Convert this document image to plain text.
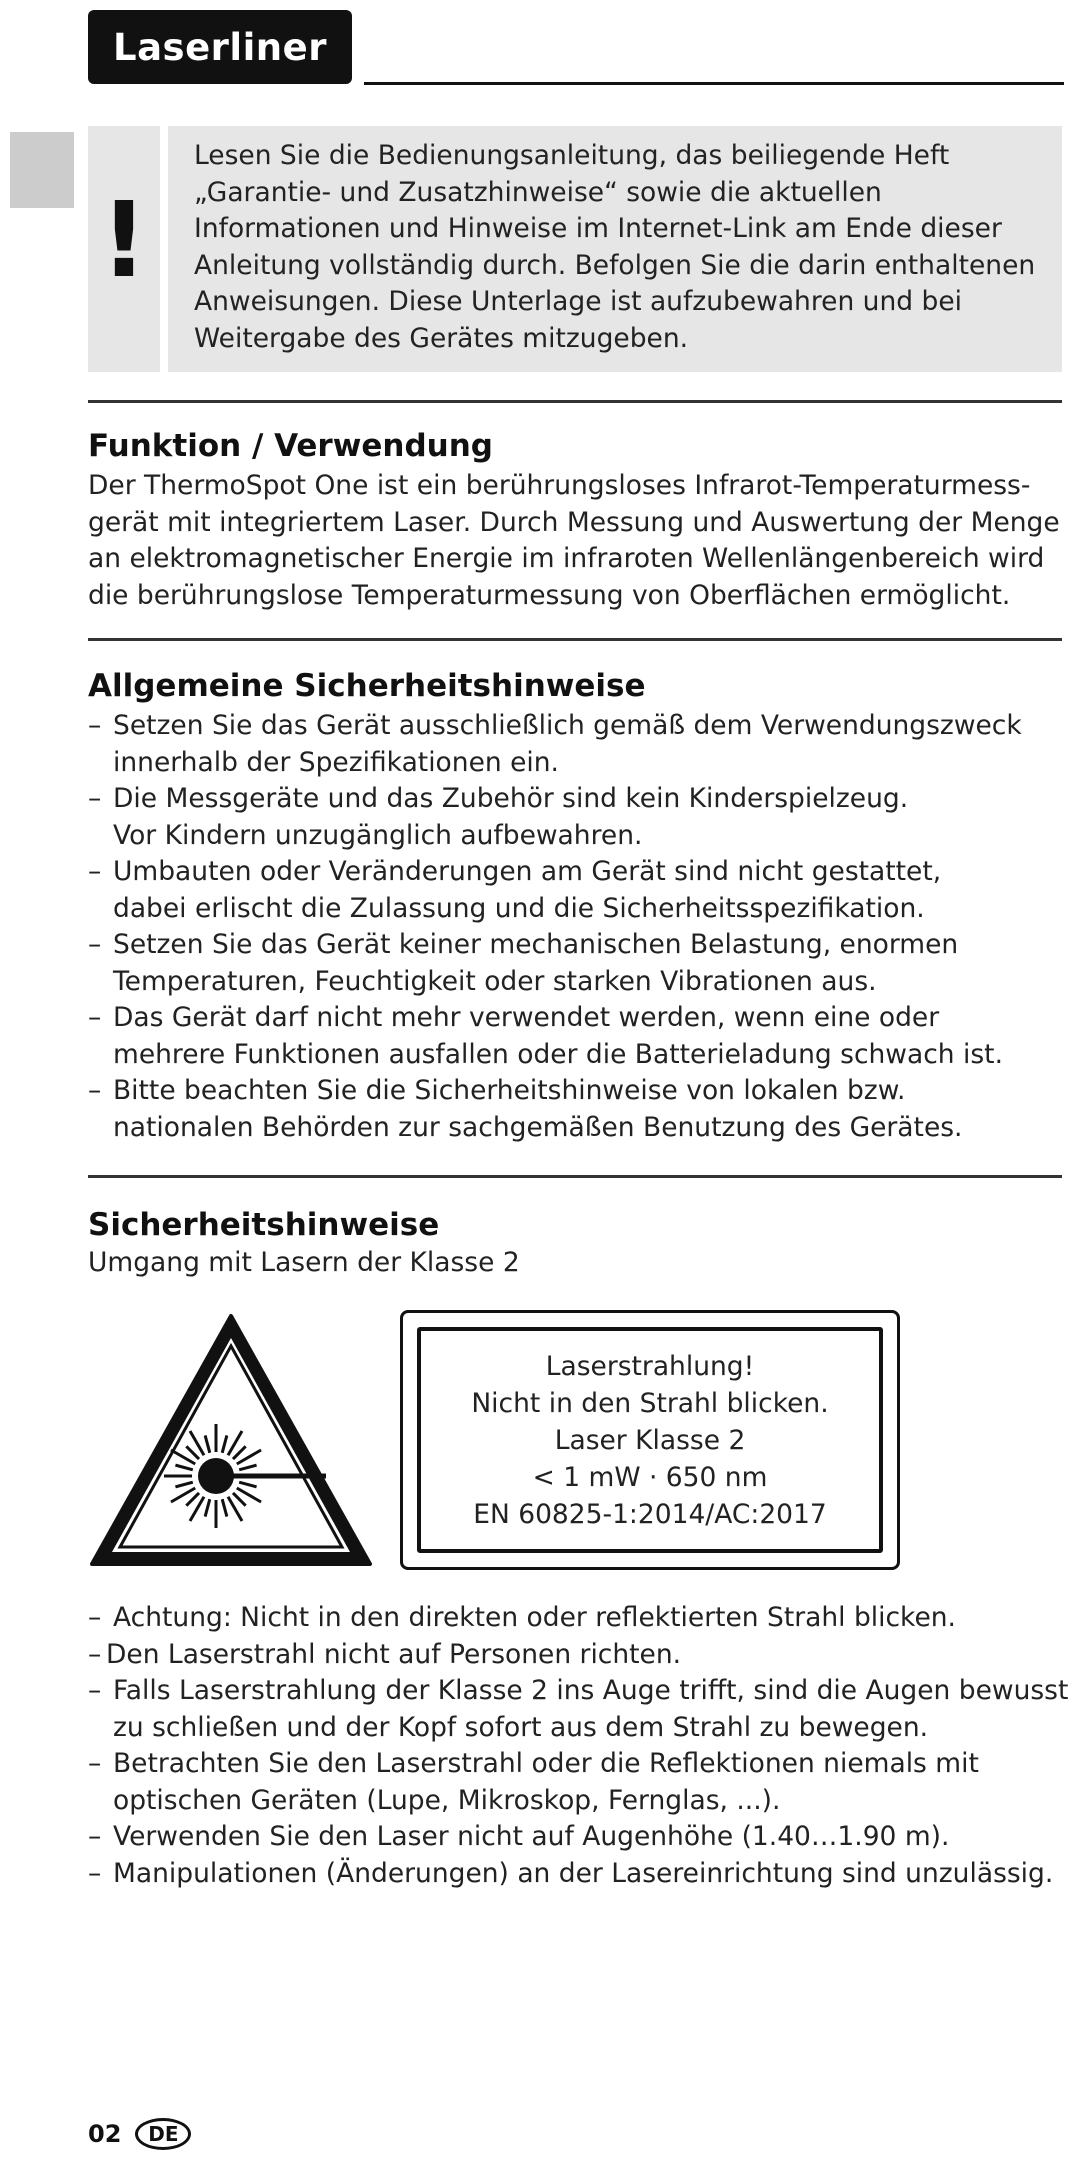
Laserliner
!

Lesen Sie die Bedienungsanleitung, das beiliegende Heft

„Garantie- und Zusatzhinweise“ sowie die aktuellen

Informationen und Hinweise im Internet-Link am Ende dieser

Anleitung vollständig durch. Befolgen Sie die darin enthaltenen

Anweisungen. Diese Unterlage ist aufzubewahren und bei

Weitergabe des Gerätes mitzugeben.

Funktion / Verwendung

Der ThermoSpot One ist ein berührungsloses Infrarot-Temperaturmess-
gerät mit integriertem Laser. Durch Messung und Auswertung der Menge
an elektromagnetischer Energie im infraroten Wellenlängenbereich wird
die berührungslose Temperaturmessung von Oberflächen ermöglicht.

Allgemeine Sicherheitshinweise
– Setzen Sie das Gerät ausschließlich gemäß dem Verwendungszweck
innerhalb der Spezifikationen ein.
– Die Messgeräte und das Zubehör sind kein Kinderspielzeug.
Vor Kindern unzugänglich aufbewahren.
– Umbauten oder Veränderungen am Gerät sind nicht gestattet,
dabei erlischt die Zulassung und die Sicherheitsspezifikation.
– Setzen Sie das Gerät keiner mechanischen Belastung, enormen
Temperaturen, Feuchtigkeit oder starken Vibrationen aus.
– Das Gerät darf nicht mehr verwendet werden, wenn eine oder
mehrere Funktionen ausfallen oder die Batterieladung schwach ist.
– Bitte beachten Sie die Sicherheitshinweise von lokalen bzw.
nationalen Behörden zur sachgemäßen Benutzung des Gerätes.
Sicherheitshinweise

Umgang mit Lasern der Klasse 2

Laserstrahlung!
Nicht in den Strahl blicken.
Laser Klasse 2
< 1 mW · 650 nm
EN 60825-1:2014/AC:2017
– Achtung: Nicht in den direkten oder reflektierten Strahl blicken.
– Den Laserstrahl nicht auf Personen richten.
– Falls Laserstrahlung der Klasse 2 ins Auge trifft, sind die Augen bewusst
zu schließen und der Kopf sofort aus dem Strahl zu bewegen.
– Betrachten Sie den Laserstrahl oder die Reflektionen niemals mit
optischen Geräten (Lupe, Mikroskop, Fernglas, ...).
– Verwenden Sie den Laser nicht auf Augenhöhe (1.40…1.90 m).
– Manipulationen (Änderungen) an der Lasereinrichtung sind unzulässig.
02	DE
